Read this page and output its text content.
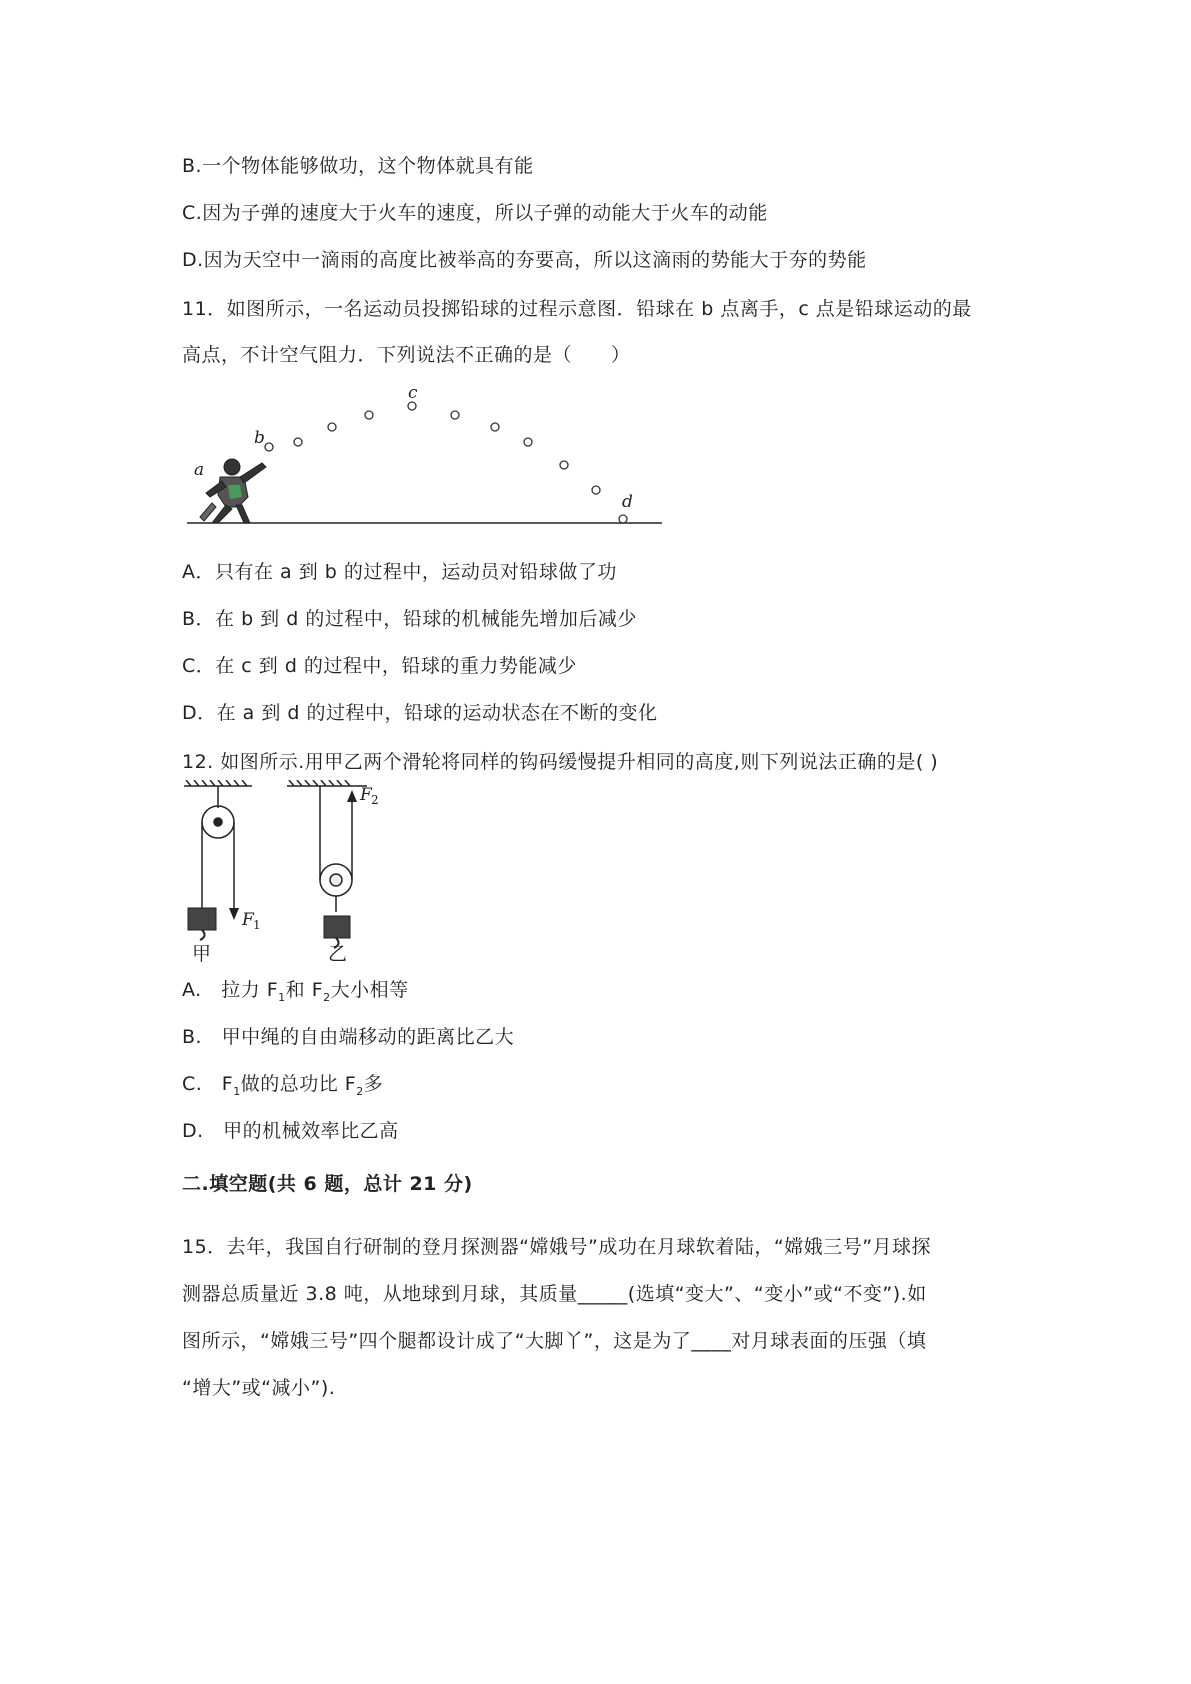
B.一个物体能够做功，这个物体就具有能
C.因为子弹的速度大于火车的速度，所以子弹的动能大于火车的动能
D.因为天空中一滴雨的高度比被举高的夯要高，所以这滴雨的势能大于夯的势能
11．如图所示，一名运动员投掷铅球的过程示意图．铅球在 b 点离手，c 点是铅球运动的最
高点，不计空气阻力．下列说法不正确的是（　　）
a
b
c
d
A．只有在 a 到 b 的过程中，运动员对铅球做了功
B．在 b 到 d 的过程中，铅球的机械能先增加后减少
C．在 c 到 d 的过程中，铅球的重力势能减少
D．在 a 到 d 的过程中，铅球的运动状态在不断的变化
12. 如图所示.用甲乙两个滑轮将同样的钩码缓慢提升相同的高度,则下列说法正确的是( )
F 1
甲
F 2
乙
A.　拉力 $F_1$和 $F_2$大小相等
B.　甲中绳的自由端移动的距离比乙大
C.　$F_1$做的总功比 $F_2$多
D.　甲的机械效率比乙高
二.填空题(共 6 题，总计 21 分)
15．去年，我国自行研制的登月探测器“嫦娥号”成功在月球软着陆，“嫦娥三号”月球探
测器总质量近 3.8 吨，从地球到月球，其质量_____(选填“变大”、“变小”或“不变”).如
图所示，“嫦娥三号”四个腿都设计成了“大脚丫”，这是为了____对月球表面的压强（填
“增大”或“减小”).
